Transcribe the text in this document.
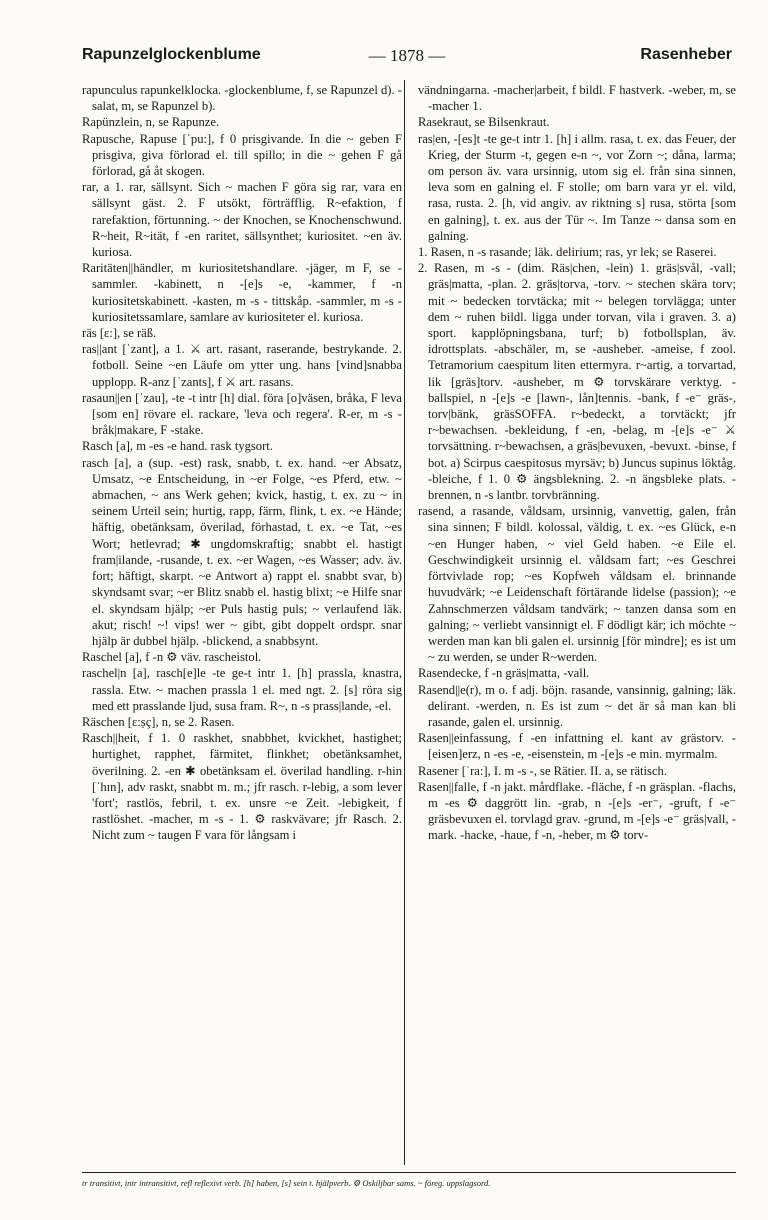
Rapunzelglockenblume	— 1878 —	Rasenheber

rapunculus rapunkelklocka. -glockenblume, f, se Rapunzel d). -salat, m, se Rapunzel b).

Rapünzlein, n, se Rapunze.

Rapusche, Rapuse [ˈpu:], f 0 prisgivande. In die ~ geben F prisgiva, giva förlorad el. till spillo; in die ~ gehen F gå förlorad, gå åt skogen.

rar, a 1. rar, sällsynt. Sich ~ machen F göra sig rar, vara en sällsynt gäst. 2. F utsökt, förträfflig. R~efaktion, f rarefaktion, förtunning. ~ der Knochen, se Knochenschwund. R~heit, R~ität, f -en raritet, sällsynthet; kuriositet. ~en äv. kuriosa.

Raritäten||händler, m kuriositetshandlare. -jäger, m F, se -sammler. -kabinett, n -[e]s -e, -kammer, f -n kuriositetskabinett. -kasten, m -s - tittskåp. -sammler, m -s - kuriositetssamlare, samlare av kuriositeter el. kuriosa.

räs [ɛ:], se räß.

ras||ant [ˈzant], a 1. ⚔ art. rasant, raserande, bestrykande. 2. fotboll. Seine ~en Läufe om ytter ung. hans [vind]snabba upplopp. R-anz [ˈzants], f ⚔ art. rasans.

rasaun||en [ˈzau], -te -t intr [h] dial. föra [o]väsen, bråka, F leva [som en] rövare el. rackare, 'leva och regera'. R-er, m -s - bråk|makare, F -stake.

Rasch [a], m -es -e hand. rask tygsort.

rasch [a], a (sup. -est) rask, snabb, t. ex. hand. ~er Absatz, Umsatz, ~e Entscheidung, in ~er Folge, ~es Pferd, etw. ~ abmachen, ~ ans Werk gehen; kvick, hastig, t. ex. zu ~ in seinem Urteil sein; hurtig, rapp, färm, flink, t. ex. ~e Hände; häftig, obetänksam, överilad, förhastad, t. ex. ~e Tat, ~es Wort; hetlevrad; ✱ ungdomskraftig; snabbt el. hastigt fram|ilande, -rusande, t. ex. ~er Wagen, ~es Wasser; adv. äv. fort; häftigt, skarpt. ~e Antwort a) rappt el. snabbt svar, b) skyndsamt svar; ~er Blitz snabb el. hastig blixt; ~e Hilfe snar el. skyndsam hjälp; ~er Puls hastig puls; ~ verlaufend läk. akut; risch! ~! vips! wer ~ gibt, gibt doppelt ordspr. snar hjälp är dubbel hjälp. -blickend, a snabbsynt.

Raschel [a], f -n ⚙ väv. rascheistol.

raschel|n [a], rasch[e]le -te ge-t intr 1. [h] prassla, knastra, rassla. Etw. ~ machen prassla 1 el. med ngt. 2. [s] röra sig med ett prasslande ljud, susa fram. R~, n -s prass|lande, -el.

Räschen [ɛ:ṣç], n, se 2. Rasen.

Rasch||heit, f 1. 0 raskhet, snabbhet, kvickhet, hastighet; hurtighet, rapphet, färmitet, flinkhet; obetänksamhet, överilning. 2. -en ✱ obetänksam el. överilad handling. r-hin [ˈhɪn], adv raskt, snabbt m. m.; jfr rasch. r-lebig, a som lever 'fort'; rastlös, febril, t. ex. unsre ~e Zeit. -lebigkeit, f rastlöshet. -macher, m -s - 1. ⚙ raskvävare; jfr Rasch. 2. Nicht zum ~ taugen F vara för långsam i

vändningarna. -macher|arbeit, f bildl. F hastverk. -weber, m, se -macher 1.

Rasekraut, se Bilsenkraut.

ras|en, -[es]t -te ge-t intr 1. [h] i allm. rasa, t. ex. das Feuer, der Krieg, der Sturm -t, gegen e-n ~, vor Zorn ~; dåna, larma; om person äv. vara ursinnig, utom sig el. från sina sinnen, leva som en galning el. F stolle; om barn vara yr el. vild, rasa, rusta. 2. [h, vid angiv. av riktning s] rusa, störta [som en galning], t. ex. aus der Tür ~. Im Tanze ~ dansa som en galning.

1. Rasen, n -s rasande; läk. delirium; ras, yr lek; se Raserei.

2. Rasen, m -s - (dim. Räs|chen, -lein) 1. gräs|svål, -vall; gräs|matta, -plan. 2. gräs|torva, -torv. ~ stechen skära torv; mit ~ bedecken torvtäcka; mit ~ belegen torvlägga; unter dem ~ ruhen bildl. ligga under torvan, vila i graven. 3. a) sport. kapplöpningsbana, turf; b) fotbollsplan, äv. idrottsplats. -abschäler, m, se -ausheber. -ameise, f zool. Tetramorium caespitum liten ettermyra. r~artig, a torvartad, lik [gräs]torv. -ausheber, m ⚙ torvskärare verktyg. -ballspiel, n -[e]s -e [lawn-, lån]tennis. -bank, f -e⁻ gräs-, torv|bänk, gräsSOFFA. r~bedeckt, a torvtäckt; jfr r~bewachsen. -bekleidung, f -en, -belag, m -[e]s -e⁻ ⚔ torvsättning. r~bewachsen, a gräs|bevuxen, -bevuxt. -binse, f bot. a) Scirpus caespitosus myrsäv; b) Juncus supinus löktåg. -bleiche, f 1. 0 ⚙ ängsblekning. 2. -n ängsbleke plats. -brennen, n -s lantbr. torvbränning.

rasend, a rasande, våldsam, ursinnig, vanvettig, galen, från sina sinnen; F bildl. kolossal, väldig, t. ex. ~es Glück, e-n ~en Hunger haben, ~ viel Geld haben. ~e Eile el. Geschwindigkeit ursinnig el. våldsam fart; ~es Geschrei förtvivlade rop; ~es Kopfweh våldsam el. brinnande huvudvärk; ~e Leidenschaft förtärande lidelse (passion); ~e Zahnschmerzen våldsam tandvärk; ~ tanzen dansa som en galning; ~ verliebt vansinnigt el. F dödligt kär; ich möchte ~ werden man kan bli galen el. ursinnig [för mindre]; es ist um ~ zu werden, se under R~werden.

Rasendecke, f -n gräs|matta, -vall.

Rasend||e(r), m o. f adj. böjn. rasande, vansinnig, galning; läk. delirant. -werden, n. Es ist zum ~ det är så man kan bli rasande, galen el. ursinnig.

Rasen||einfassung, f -en infattning el. kant av grästorv. -[eisen]erz, n -es -e, -eisenstein, m -[e]s -e min. myrmalm.

Rasener [ˈra:], I. m -s -, se Rätier. II. a, se rätisch.

Rasen||falle, f -n jakt. mårdflake. -fläche, f -n gräsplan. -flachs, m -es ⚙ daggrött lin. -grab, n -[e]s -er⁻, -gruft, f -e⁻ gräsbevuxen el. torvlagd grav. -grund, m -[e]s -e⁻ gräs|vall, -mark. -hacke, -haue, f -n, -heber, m ⚙ torv-

tr transitivt, intr intransitivt, refl reflexivt verb. [h] haben, [s] sein t. hjälpverb. ⚙ Oskiljbar sams. ~ föreg. uppslagsord.
